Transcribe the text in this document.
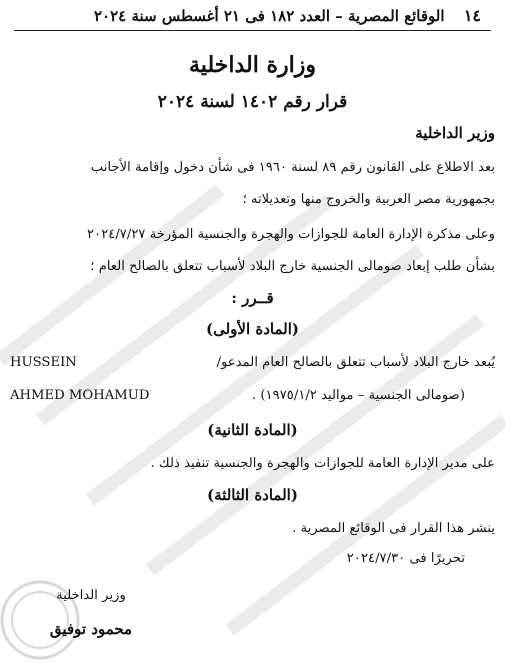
الوقائع المصرية – العدد ١٨٢ فى ٢١ أغسطس سنة ٢٠٢٤ ١٤
وزارة الداخلية
قرار رقم ١٤٠٢ لسنة ٢٠٢٤
وزير الداخلية
بعد الاطلاع على القانون رقم ٨٩ لسنة ١٩٦٠ فى شأن دخول وإقامة الأجانب
بجمهورية مصر العربية والخروج منها وتعديلاته ؛
وعلى مذكرة الإدارة العامة للجوازات والهجرة والجنسية المؤرخة ٢٠٢٤/٧/٢٧
بشأن طلب إبعاد صومالى الجنسية خارج البلاد لأسباب تتعلق بالصالح العام ؛
قــرر :
(المادة الأولى)
يُبعد خارج البلاد لأسباب تتعلق بالصالح العام المدعو/
HUSSEIN
AHMED MOHAMUD	(صومالى الجنسية – مواليد ١٩٧٥/١/٢) .
(المادة الثانية)
على مدير الإدارة العامة للجوازات والهجرة والجنسية تنفيذ ذلك .
(المادة الثالثة)
ينشر هذا القرار فى الوقائع المصرية .
تحريرًا فى ٢٠٢٤/٧/٣٠
وزير الداخلية
محمود توفيق
